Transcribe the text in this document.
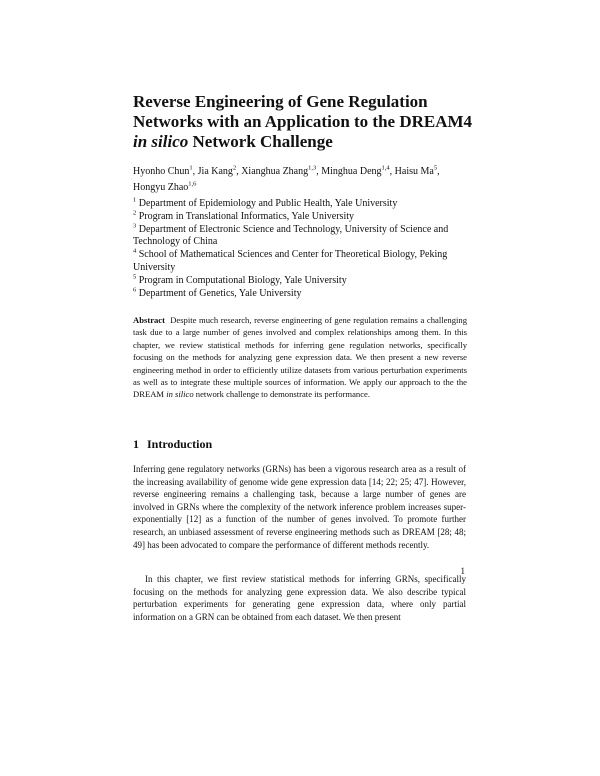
Reverse Engineering of Gene Regulation
Networks with an Application to the DREAM4
in silico Network Challenge
Hyonho Chun$^1$, Jia Kang$^2$, Xianghua Zhang$^{1,3}$, Minghua Deng$^{1,4}$, Haisu Ma$^5$,
Hongyu Zhao$^{1,6}$

$^1$ Department of Epidemiology and Public Health, Yale University

$^2$ Program in Translational Informatics, Yale University

$^3$ Department of Electronic Science and Technology, University of Science and Technology of China

$^4$ School of Mathematical Sciences and Center for Theoretical Biology, Peking University

$^5$ Program in Computational Biology, Yale University

$^6$ Department of Genetics, Yale University

Abstract Despite much research, reverse engineering of gene regulation remains a challenging task due to a large number of genes involved and complex relationships among them. In this chapter, we review statistical methods for inferring gene regulation networks, specifically focusing on the methods for analyzing gene expression data. We then present a new reverse engineering method in order to efficiently utilize datasets from various perturbation experiments as well as to integrate these multiple sources of information. We apply our approach to the the DREAM in silico network challenge to demonstrate its performance.

1 Introduction

Inferring gene regulatory networks (GRNs) has been a vigorous research area as a result of the increasing availability of genome wide gene expression data [14; 22; 25; 47]. However, reverse engineering remains a challenging task, because a large number of genes are involved in GRNs where the complexity of the network inference problem increases super-exponentially [12] as a function of the number of genes involved. To promote further research, an unbiased assessment of reverse engineering methods such as DREAM [28; 48; 49] has been advocated to compare the performance of different methods recently.

In this chapter, we first review statistical methods for inferring GRNs, specifically focusing on the methods for analyzing gene expression data. We also describe typical perturbation experiments for generating gene expression data, where only partial information on a GRN can be obtained from each dataset. We then present

1
